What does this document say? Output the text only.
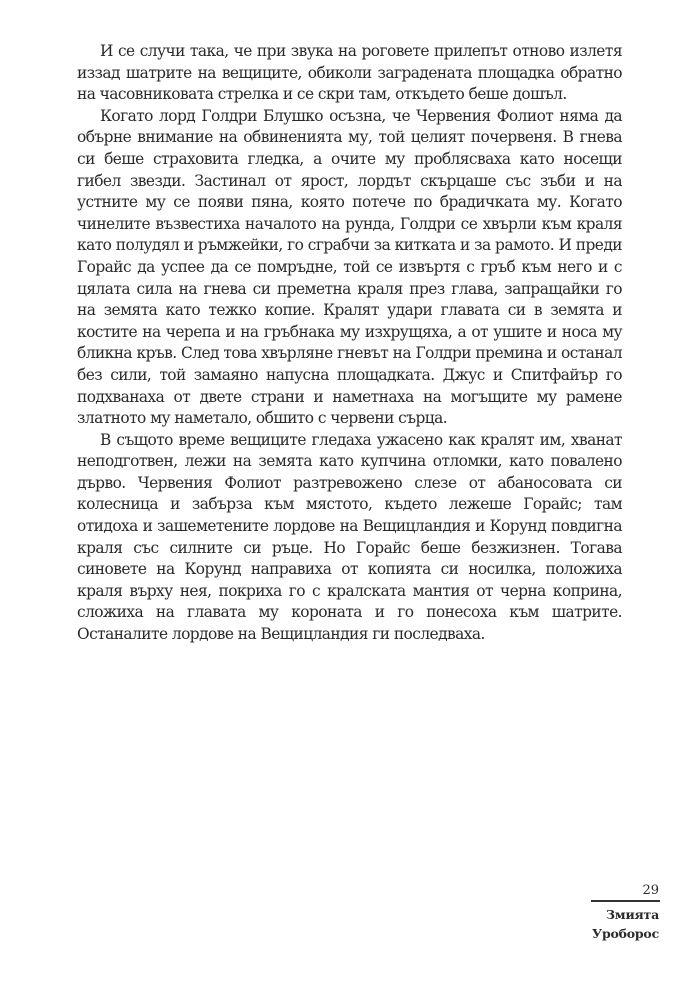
И се случи така, че при звука на роговете прилепът отново излетя иззад шатрите на вещиците, обиколи заградената площадка обратно на часовниковата стрелка и се скри там, откъдето беше дошъл.

Когато лорд Голдри Блушко осъзна, че Червения Фолиот няма да обърне внимание на обвиненията му, той целият почервеня. В гнева си беше страховита гледка, а очите му проблясваха като носещи гибел звезди. Застинал от ярост, лордът скърцаше със зъби и на устните му се появи пяна, която потече по брадичката му. Когато чинелите възвестиха началото на рунда, Голдри се хвърли към краля като полудял и ръмжейки, го сграбчи за китката и за рамото. И преди Горайс да успее да се помръдне, той се извъртя с гръб към него и с цялата сила на гнева си преметна краля през глава, запращайки го на земята като тежко копие. Кралят удари главата си в земята и костите на черепа и на гръбнака му изхрущяха, а от ушите и носа му бликна кръв. След това хвърляне гневът на Голдри премина и останал без сили, той замаяно напусна площадката. Джус и Спитфайър го подхванаха от двете страни и наметнаха на могъщите му рамене златното му наметало, обшито с червени сърца.

В същото време вещиците гледаха ужасено как кралят им, хванат неподготвен, лежи на земята като купчина отломки, като повалено дърво. Червения Фолиот разтревожено слезе от абаносовата си колесница и забърза към мястото, където лежеше Горайс; там отидоха и зашеметените лордове на Вещицландия и Корунд повдигна краля със силните си ръце. Но Горайс беше безжизнен. Тогава синовете на Корунд направиха от копията си носилка, положиха краля върху нея, покриха го с кралската мантия от черна коприна, сложиха на главата му короната и го понесоха към шатрите. Останалите лордове на Вещицландия ги последваха.

29
Змията
Уроборос
